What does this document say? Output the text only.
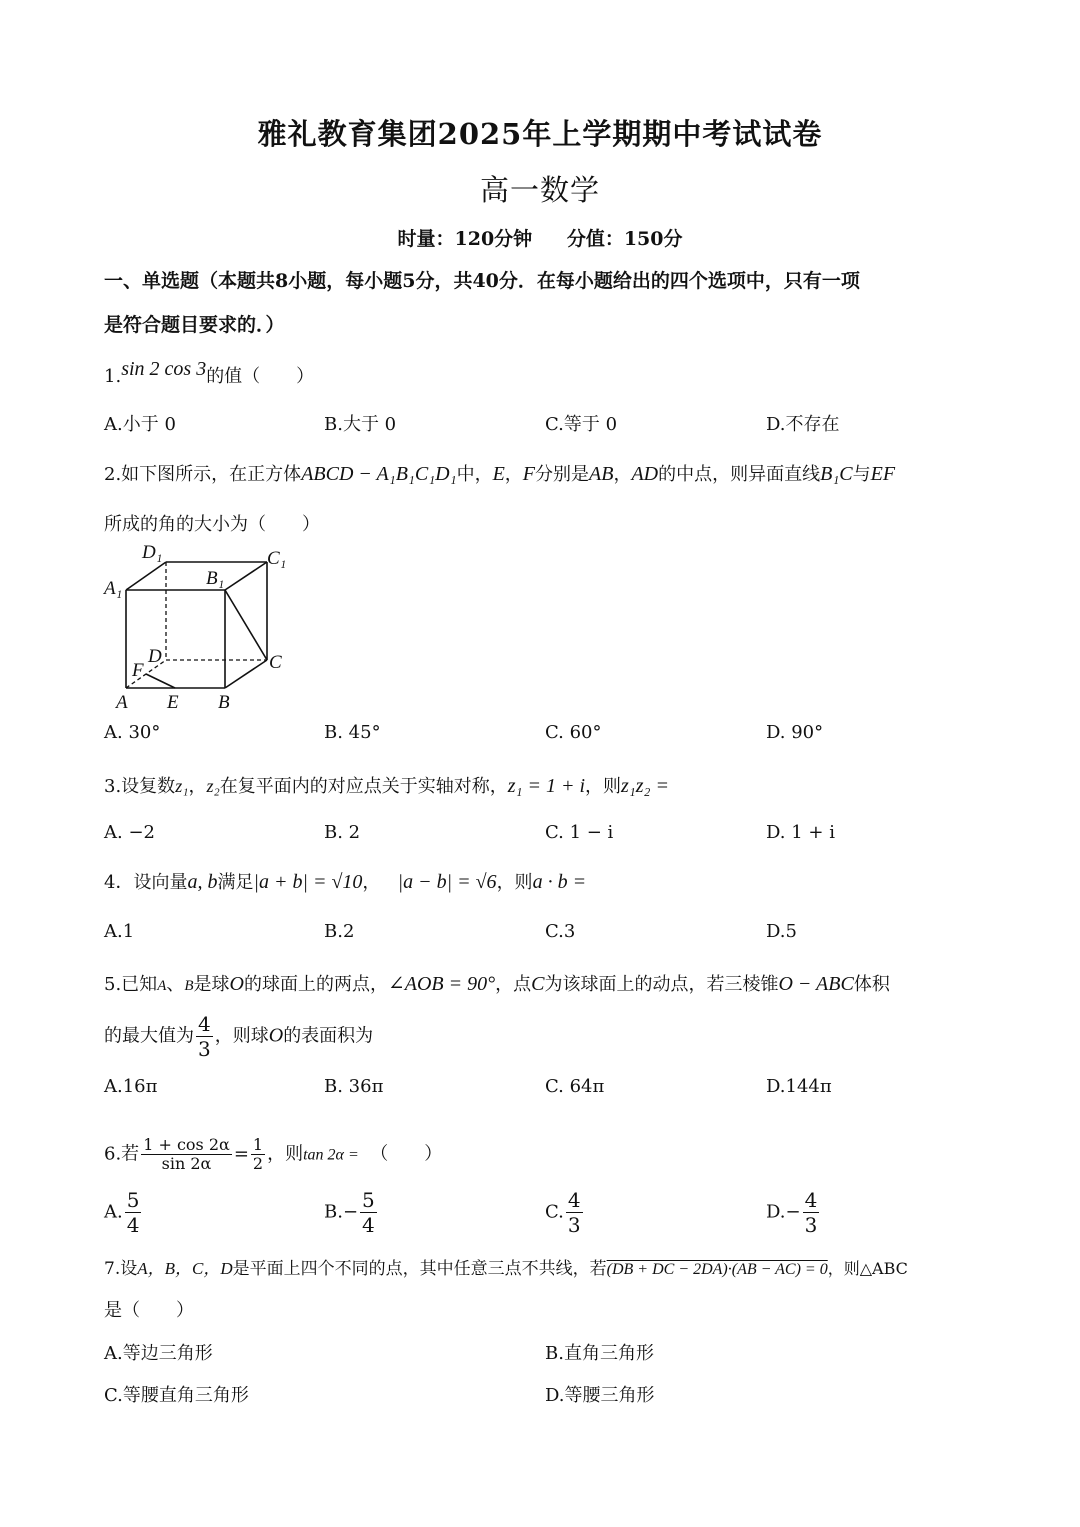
雅礼教育集团2025年上学期期中考试试卷
高一数学
时量：120分钟 分值：150分
一、单选题（本题共8小题，每小题5分，共40分．在每小题给出的四个选项中，只有一项
是符合题目要求的．）
1.sin 2 cos 3的值（　　）
A.小于 0	B.大于 0	C.等于 0	D.不存在
2.如下图所示，在正方体ABCD − A₁B₁C₁D₁中，E，F分别是AB，AD的中点，则异面直线B₁C与EF
所成的角的大小为（　　）
D₁	C₁
A₁	B₁
C
D
F
A E B
A. 30°	B. 45°	C. 60°	D. 90°
3.设复数z₁，z₂在复平面内的对应点关于实轴对称，z₁ = 1 + i，则z₁z₂ =
A. −2	B. 2	C. 1 − i	D. 1 + i
4．设向量a, b满足|a + b| = √10， |a − b| = √6，则a · b =
A.1	B.2	C.3	D.5
5.已知A、B是球O的球面上的两点，∠AOB = 90°，点C为该球面上的动点，若三棱锥O − ABC体积
的最大值为 $\frac{4}{3}$ ，则球O的表面积为
A.16π	B. 36π	C. 64π	D.144π
6.若 $\frac{1 + \cos 2\alpha}{\sin 2\alpha} = \frac{1}{2}$ ，则tan 2α = （　　）
A. $\frac{5}{4}$	$B.- \frac{5}{4}$	C. $\frac{4}{3}$	$D.- \frac{4}{3}$
7.设A，B，C，D是平面上四个不同的点，其中任意三点不共线，若(DB + DC − 2DA)·(AB − AC) = 0，则△ABC
是（　　）
A.等边三角形	B.直角三角形
C.等腰直角三角形	D.等腰三角形
